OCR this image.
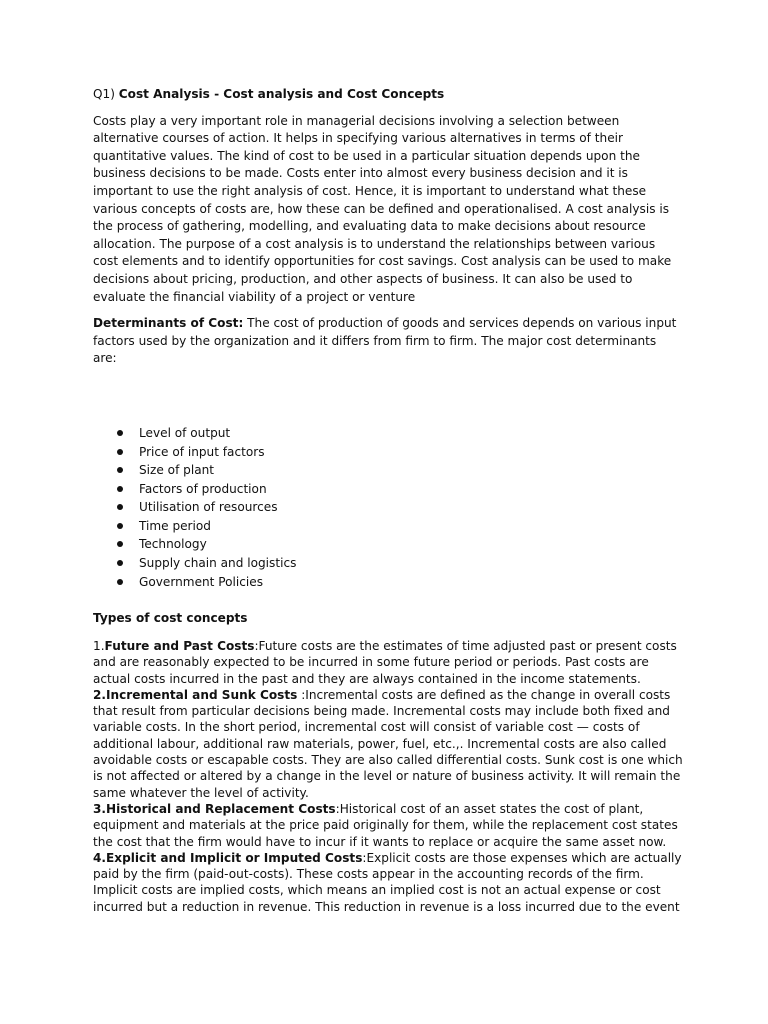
Q1) Cost Analysis - Cost analysis and Cost Concepts

Costs play a very important role in managerial decisions involving a selection between alternative courses of action. It helps in specifying various alternatives in terms of their quantitative values. The kind of cost to be used in a particular situation depends upon the business decisions to be made. Costs enter into almost every business decision and it is important to use the right analysis of cost. Hence, it is important to understand what these various concepts of costs are, how these can be defined and operationalised. A cost analysis is the process of gathering, modelling, and evaluating data to make decisions about resource allocation. The purpose of a cost analysis is to understand the relationships between various cost elements and to identify opportunities for cost savings. Cost analysis can be used to make decisions about pricing, production, and other aspects of business. It can also be used to evaluate the financial viability of a project or venture

Determinants of Cost: The cost of production of goods and services depends on various input factors used by the organization and it differs from firm to firm. The major cost determinants are:

Level of output
Price of input factors
Size of plant
Factors of production
Utilisation of resources
Time period
Technology
Supply chain and logistics
Government Policies

Types of cost concepts

1.Future and Past Costs:Future costs are the estimates of time adjusted past or present costs and are reasonably expected to be incurred in some future period or periods. Past costs are actual costs incurred in the past and they are always contained in the income statements.

2.Incremental and Sunk Costs :Incremental costs are defined as the change in overall costs that result from particular decisions being made. Incremental costs may include both fixed and variable costs. In the short period, incremental cost will consist of variable cost — costs of additional labour, additional raw materials, power, fuel, etc.,. Incremental costs are also called avoidable costs or escapable costs. They are also called differential costs. Sunk cost is one which is not affected or altered by a change in the level or nature of business activity. It will remain the same whatever the level of activity.

3.Historical and Replacement Costs:Historical cost of an asset states the cost of plant, equipment and materials at the price paid originally for them, while the replacement cost states the cost that the firm would have to incur if it wants to replace or acquire the same asset now.

4.Explicit and Implicit or Imputed Costs:Explicit costs are those expenses which are actually paid by the firm (paid-out-costs). These costs appear in the accounting records of the firm. Implicit costs are implied costs, which means an implied cost is not an actual expense or cost incurred but a reduction in revenue. This reduction in revenue is a loss incurred due to the event
